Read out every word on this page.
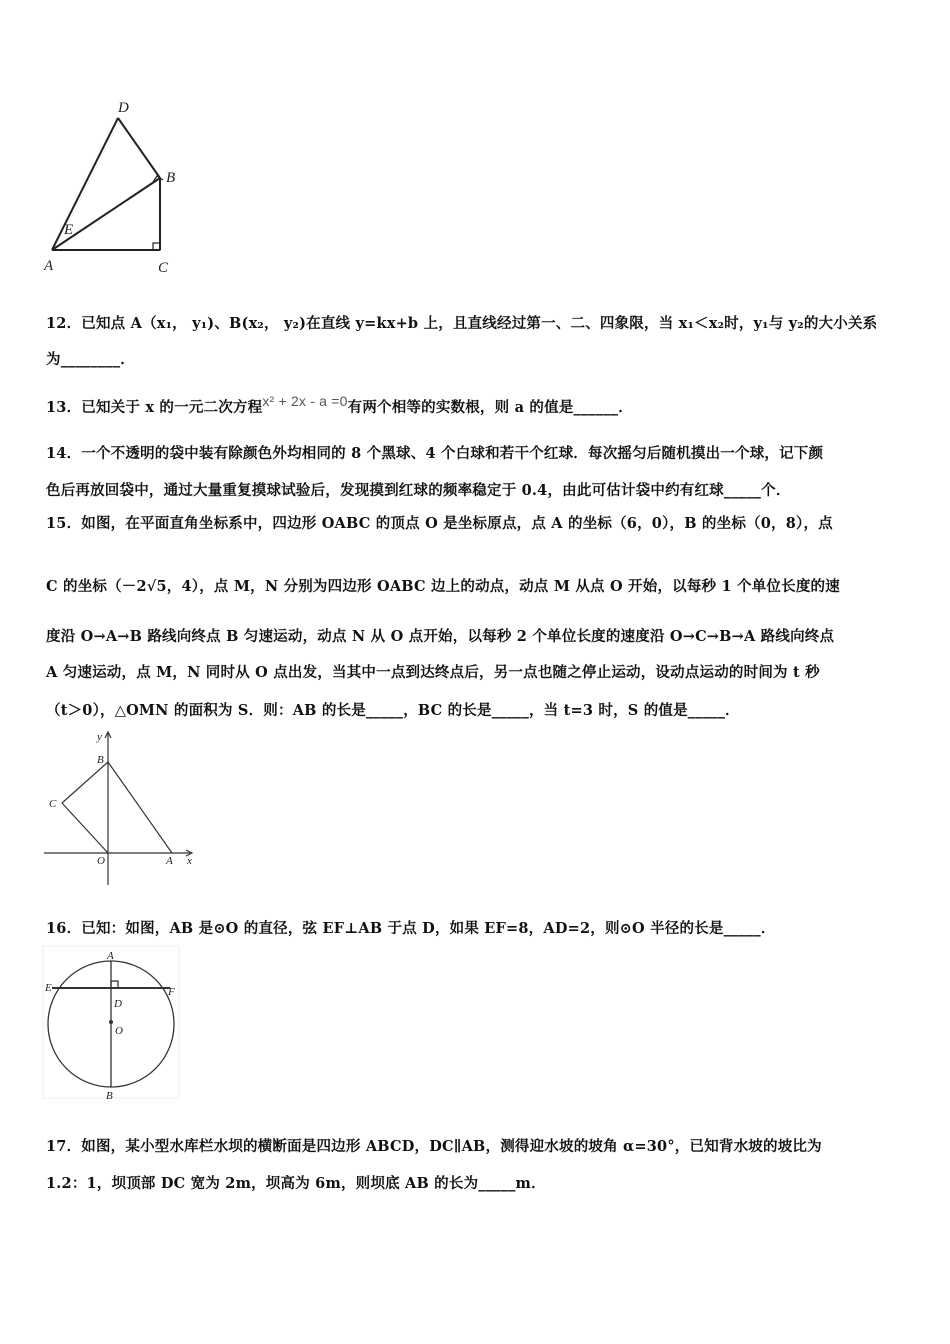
D
B
E
A	C
12．已知点 A（x₁， y₁)、B(x₂， y₂)在直线 y=kx+b 上，且直线经过第一、二、四象限，当 x₁＜x₂时，y₁与 y₂的大小关系
为________．
13．已知关于 x 的一元二次方程x² + 2x - a =0有两个相等的实数根，则 a 的值是______．
14．一个不透明的袋中装有除颜色外均相同的 8 个黑球、4 个白球和若干个红球．每次摇匀后随机摸出一个球，记下颜
色后再放回袋中，通过大量重复摸球试验后，发现摸到红球的频率稳定于 0.4，由此可估计袋中约有红球_____个．
15．如图，在平面直角坐标系中，四边形 OABC 的顶点 O 是坐标原点，点 A 的坐标（6，0），B 的坐标（0，8），点
C 的坐标（－2√5，4），点 M，N 分别为四边形 OABC 边上的动点，动点 M 从点 O 开始，以每秒 1 个单位长度的速
度沿 O→A→B 路线向终点 B 匀速运动，动点 N 从 O 点开始，以每秒 2 个单位长度的速度沿 O→C→B→A 路线向终点
A 匀速运动，点 M，N 同时从 O 点出发，当其中一点到达终点后，另一点也随之停止运动，设动点运动的时间为 t 秒
（t＞0），△OMN 的面积为 S．则：AB 的长是_____，BC 的长是_____，当 t=3 时，S 的值是_____．
y
B
C
O	A x
16．已知：如图，AB 是⊙O 的直径，弦 EF⊥AB 于点 D，如果 EF=8，AD=2，则⊙O 半径的长是_____．
A
E	F
D
O
B
17．如图，某小型水库栏水坝的横断面是四边形 ABCD，DC∥AB，测得迎水坡的坡角 α=30°，已知背水坡的坡比为
1.2：1，坝顶部 DC 宽为 2m，坝高为 6m，则坝底 AB 的长为_____m．
